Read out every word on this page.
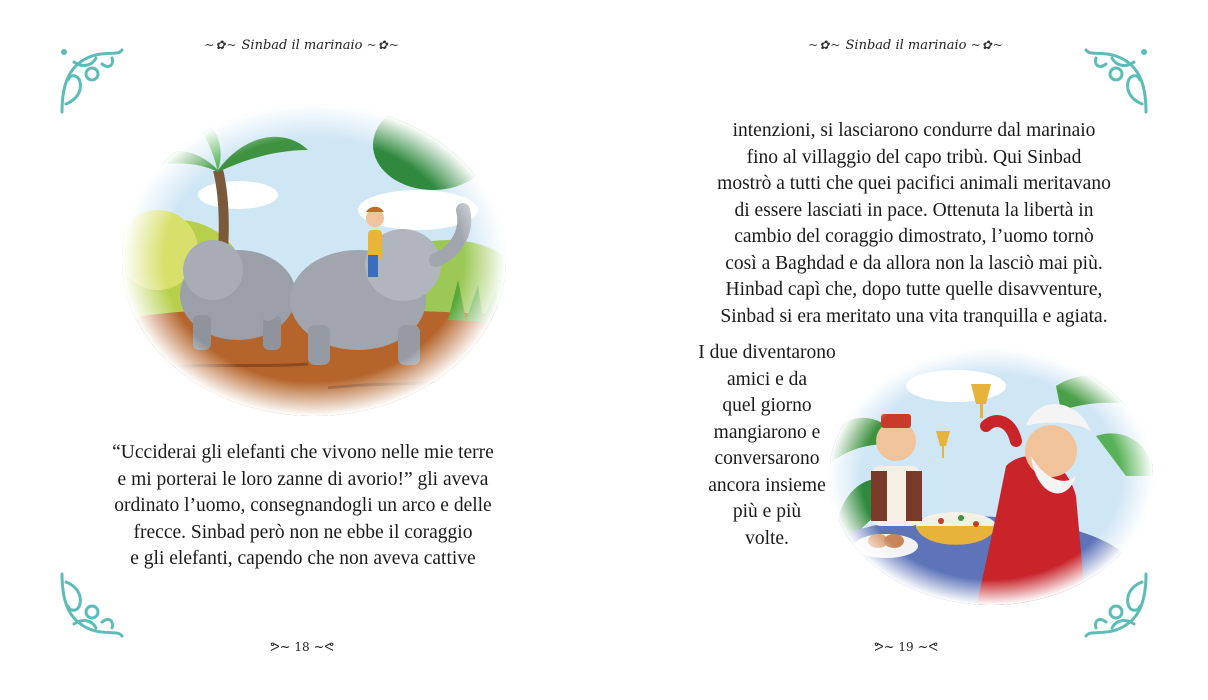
~✿~ Sinbad il marinaio ~✿~

“Ucciderai gli elefanti che vivono nelle mie terre

e mi porterai le loro zanne di avorio!” gli aveva

ordinato l’uomo, consegnandogli un arco e delle

frecce. Sinbad però non ne ebbe il coraggio

e gli elefanti, capendo che non aveva cattive

ᕗ~ 18 ~ᕙ
~✿~ Sinbad il marinaio ~✿~

intenzioni, si lasciarono condurre dal marinaio

fino al villaggio del capo tribù. Qui Sinbad

mostrò a tutti che quei pacifici animali meritavano

di essere lasciati in pace. Ottenuta la libertà in

cambio del coraggio dimostrato, l’uomo tornò

così a Baghdad e da allora non la lasciò mai più.

Hinbad capì che, dopo tutte quelle disavventure,

Sinbad si era meritato una vita tranquilla e agiata.

I due diventarono
amici e da
quel giorno
mangiarono e
conversarono
ancora insieme
più e più
volte.
ᕗ~ 19 ~ᕙ
